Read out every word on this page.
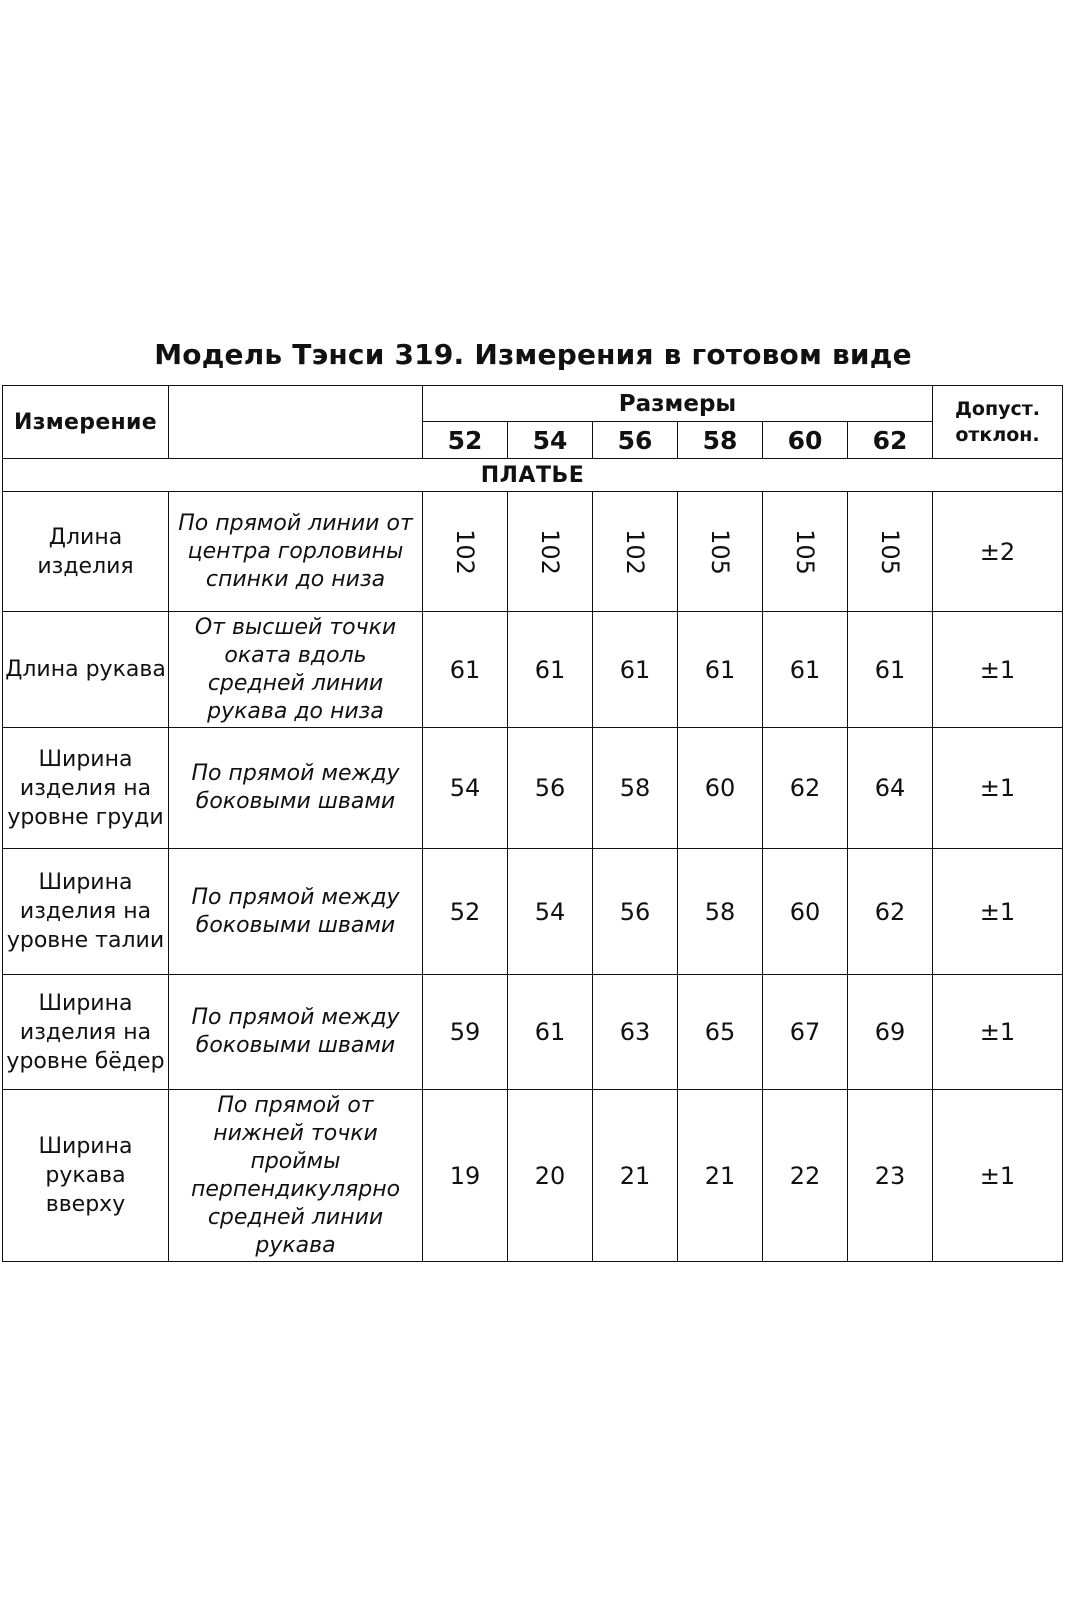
Модель Тэнси 319. Измерения в готовом виде
Измерение		Размеры						Допуст.
отклон.

		52	54	56	58	60	62	
ПЛАТЬЕ								
Длина изделия	По прямой линии от центра горловины спинки до низа	102	102	102	105	105	105	±2
Длина рукава	От высшей точки оката вдоль средней линии рукава до низа	61	61	61	61	61	61	±1
Ширина изделия на уровне груди	По прямой между боковыми швами	54	56	58	60	62	64	±1
Ширина изделия на уровне талии	По прямой между боковыми швами	52	54	56	58	60	62	±1
Ширина изделия на уровне бёдер	По прямой между боковыми швами	59	61	63	65	67	69	±1
Ширина рукава вверху	По прямой от нижней точки проймы перпендикулярно средней линии рукава	19	20	21	21	22	23	±1
